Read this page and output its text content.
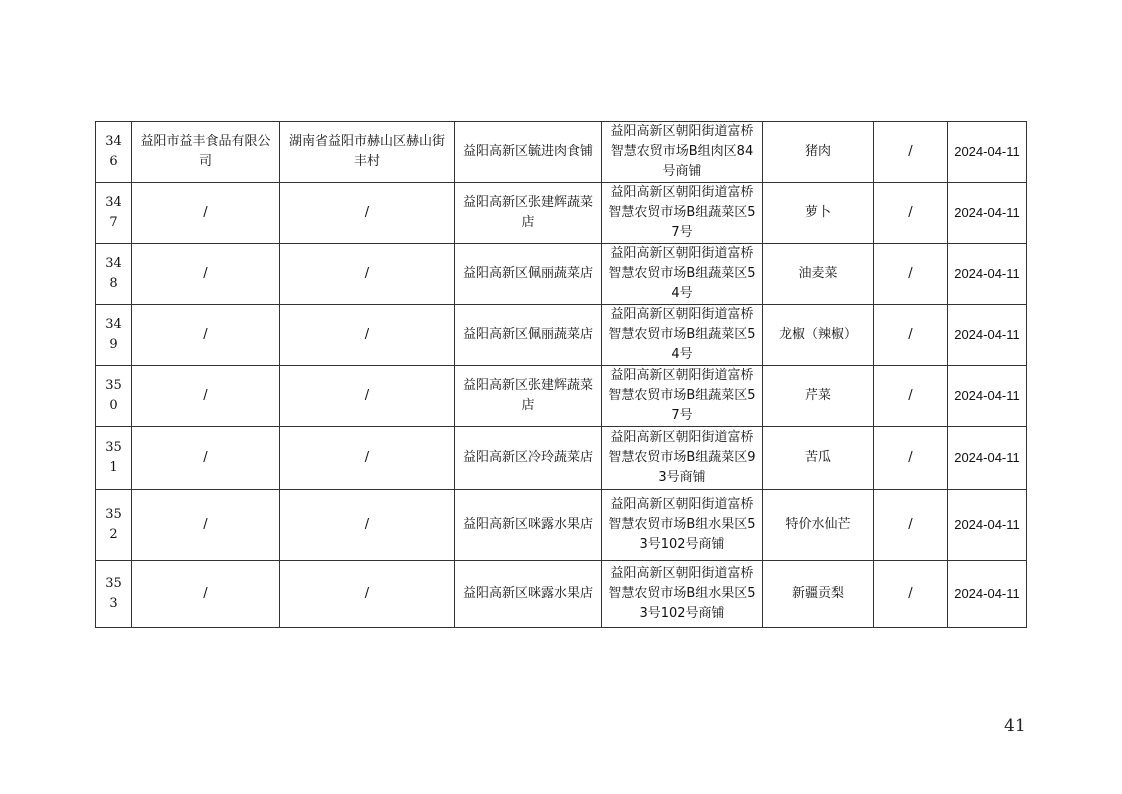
346	益阳市益丰食品有限公司	湖南省益阳市赫山区赫山街丰村	益阳高新区毓进肉食铺	益阳高新区朝阳街道富桥智慧农贸市场B组肉区84号商铺	猪肉	/	2024-04-11
347	/	/	益阳高新区张建辉蔬菜店	益阳高新区朝阳街道富桥智慧农贸市场B组蔬菜区57号	萝卜	/	2024-04-11
348	/	/	益阳高新区佩丽蔬菜店	益阳高新区朝阳街道富桥智慧农贸市场B组蔬菜区54号	油麦菜	/	2024-04-11
349	/	/	益阳高新区佩丽蔬菜店	益阳高新区朝阳街道富桥智慧农贸市场B组蔬菜区54号	龙椒（辣椒）	/	2024-04-11
350	/	/	益阳高新区张建辉蔬菜店	益阳高新区朝阳街道富桥智慧农贸市场B组蔬菜区57号	芹菜	/	2024-04-11
351	/	/	益阳高新区冷玲蔬菜店	益阳高新区朝阳街道富桥智慧农贸市场B组蔬菜区93号商铺	苦瓜	/	2024-04-11
352	/	/	益阳高新区咪露水果店	益阳高新区朝阳街道富桥智慧农贸市场B组水果区53号102号商铺	特价水仙芒	/	2024-04-11
353	/	/	益阳高新区咪露水果店	益阳高新区朝阳街道富桥智慧农贸市场B组水果区53号102号商铺	新疆贡梨	/	2024-04-11
41
